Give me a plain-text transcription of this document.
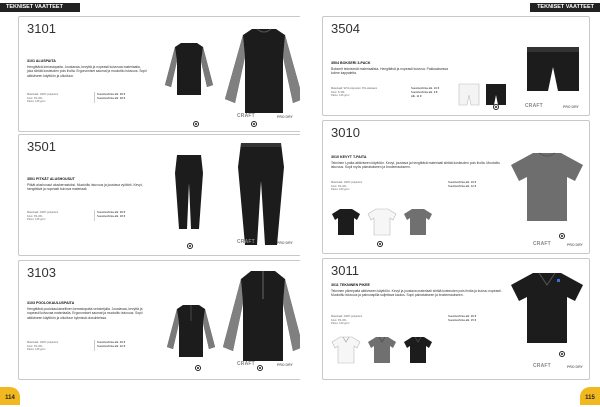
TEKNISET VAATTEET
3101
3101 ALUSPAITA
Hengittävä kerrastopaita. Joustavaa, kevyttä ja nopeasti kuivuvaa materiaalia, joka siirtää kosteuden pois iholta. Ergonomiset saumat ja muotoiltu istuvuus. Sopii aktiiviseen käyttöön ja ulkoiluun.
Materiaali: 100% polyesteri
Koot: XS-3XL
Paino: 145 g/m²
Suositushinta alk. 39 €
Suositushinta alk. 18 €
CRAFT	PRO DRY
3501
3501 PITKÄT ALUSHOUSUT
Pitkät alushousut aluskerrastoksi. Muotoiltu istuvuus ja joustava vyötärö. Kevyt, hengittävä ja nopeasti kuivuva materiaali.
Materiaali: 100% polyesteri
Koot: XS-3XL
Paino: 145 g/m²
Suositushinta alk. 39 €
Suositushinta alk. 18 €
CRAFT	PRO DRY
3103
3103 POOLOKAULUSPAITA
Hengittävä poolokauluksellinen kerrastopaita vetoketjulla. Joustavaa, kevyttä ja nopeasti kuivuvaa materiaalia. Ergonomiset saumat ja muotoiltu istuvuus. Sopii aktiiviseen käyttöön ja ulkoiluun kylmissä olosuhteissa.
Materiaali: 100% polyesteri
Koot: XS-3XL
Paino: 145 g/m²
Suositushinta alk. 49 €
Suositushinta alk. 22 €
CRAFT	PRO DRY
114
TEKNISET VAATTEET
3504
3504 BOKSERI 3-PACK
Bokserit teknisestä materiaalista. Hengittävä ja nopeasti kuivuva. Pakkauksessa kolme kappaletta.
Materiaali: 92% polyesteri, 8% elastaani
Koot: S-3XL
Paino: 145 g/m²
Suositushinta alk. 19 €
Suositushinta alk. 9 €
Alk. 11 €
CRAFT	PRO DRY
3010
3010 KEVYT T-PAITA
Tekninen t-paita aktiiviseen käyttöön. Kevyt, joustava ja hengittävä materiaali siirtää kosteuden pois iholta. Muotoiltu istuvuus. Sopii myös painatukseen ja brodeeraukseen.
Materiaali: 100% polyesteri
Koot: XS-3XL
Paino: 120 g/m²
Suositushinta alk. 19 €
Suositushinta alk. 12 €
CRAFT	PRO DRY
3011
3011 TEKNINEN PIKEE
Tekninen pikeepaita aktiiviseen käyttöön. Kevyt ja joustava materiaali siirtää kosteuden pois iholta ja kuivuu nopeasti. Muotoiltu istuvuus ja painonapilla suljettava kaulus. Sopii painatukseen ja brodeeraukseen.
Materiaali: 100% polyesteri
Koot: XS-3XL
Paino: 140 g/m²
Suositushinta alk. 29 €
Suositushinta alk. 15 €
CRAFT	PRO DRY
115
